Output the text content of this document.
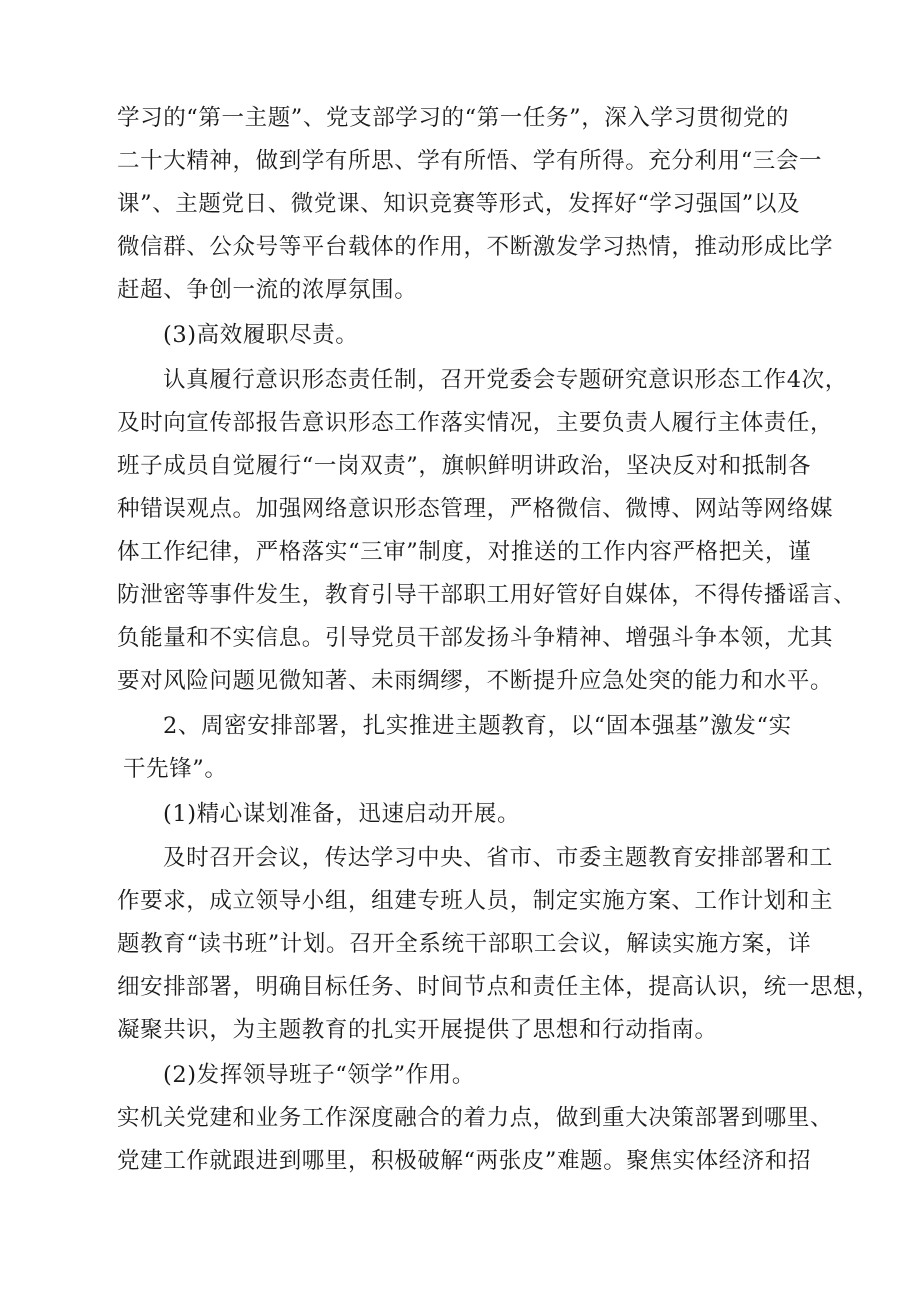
学习的“第一主题”、党支部学习的“第一任务”，深入学习贯彻党的
二十大精神，做到学有所思、学有所悟、学有所得。充分利用“三会一
课”、主题党日、微党课、知识竞赛等形式，发挥好“学习强国”以及
微信群、公众号等平台载体的作用，不断激发学习热情，推动形成比学
赶超、争创一流的浓厚氛围。
(3)高效履职尽责。
认真履行意识形态责任制，召开党委会专题研究意识形态工作4次，
及时向宣传部报告意识形态工作落实情况，主要负责人履行主体责任，
班子成员自觉履行“一岗双责”，旗帜鲜明讲政治，坚决反对和抵制各
种错误观点。加强网络意识形态管理，严格微信、微博、网站等网络媒
体工作纪律，严格落实“三审”制度，对推送的工作内容严格把关，谨
防泄密等事件发生，教育引导干部职工用好管好自媒体，不得传播谣言、
负能量和不实信息。引导党员干部发扬斗争精神、增强斗争本领，尤其
要对风险问题见微知著、未雨绸缪，不断提升应急处突的能力和水平。
2、周密安排部署，扎实推进主题教育，以“固本强基”激发“实
干先锋”。
(1)精心谋划准备，迅速启动开展。
及时召开会议，传达学习中央、省市、市委主题教育安排部署和工
作要求，成立领导小组，组建专班人员，制定实施方案、工作计划和主
题教育“读书班”计划。召开全系统干部职工会议，解读实施方案，详
细安排部署，明确目标任务、时间节点和责任主体，提高认识，统一思想，
凝聚共识，为主题教育的扎实开展提供了思想和行动指南。
(2)发挥领导班子“领学”作用。
实机关党建和业务工作深度融合的着力点，做到重大决策部署到哪里、
党建工作就跟进到哪里，积极破解“两张皮”难题。聚焦实体经济和招
